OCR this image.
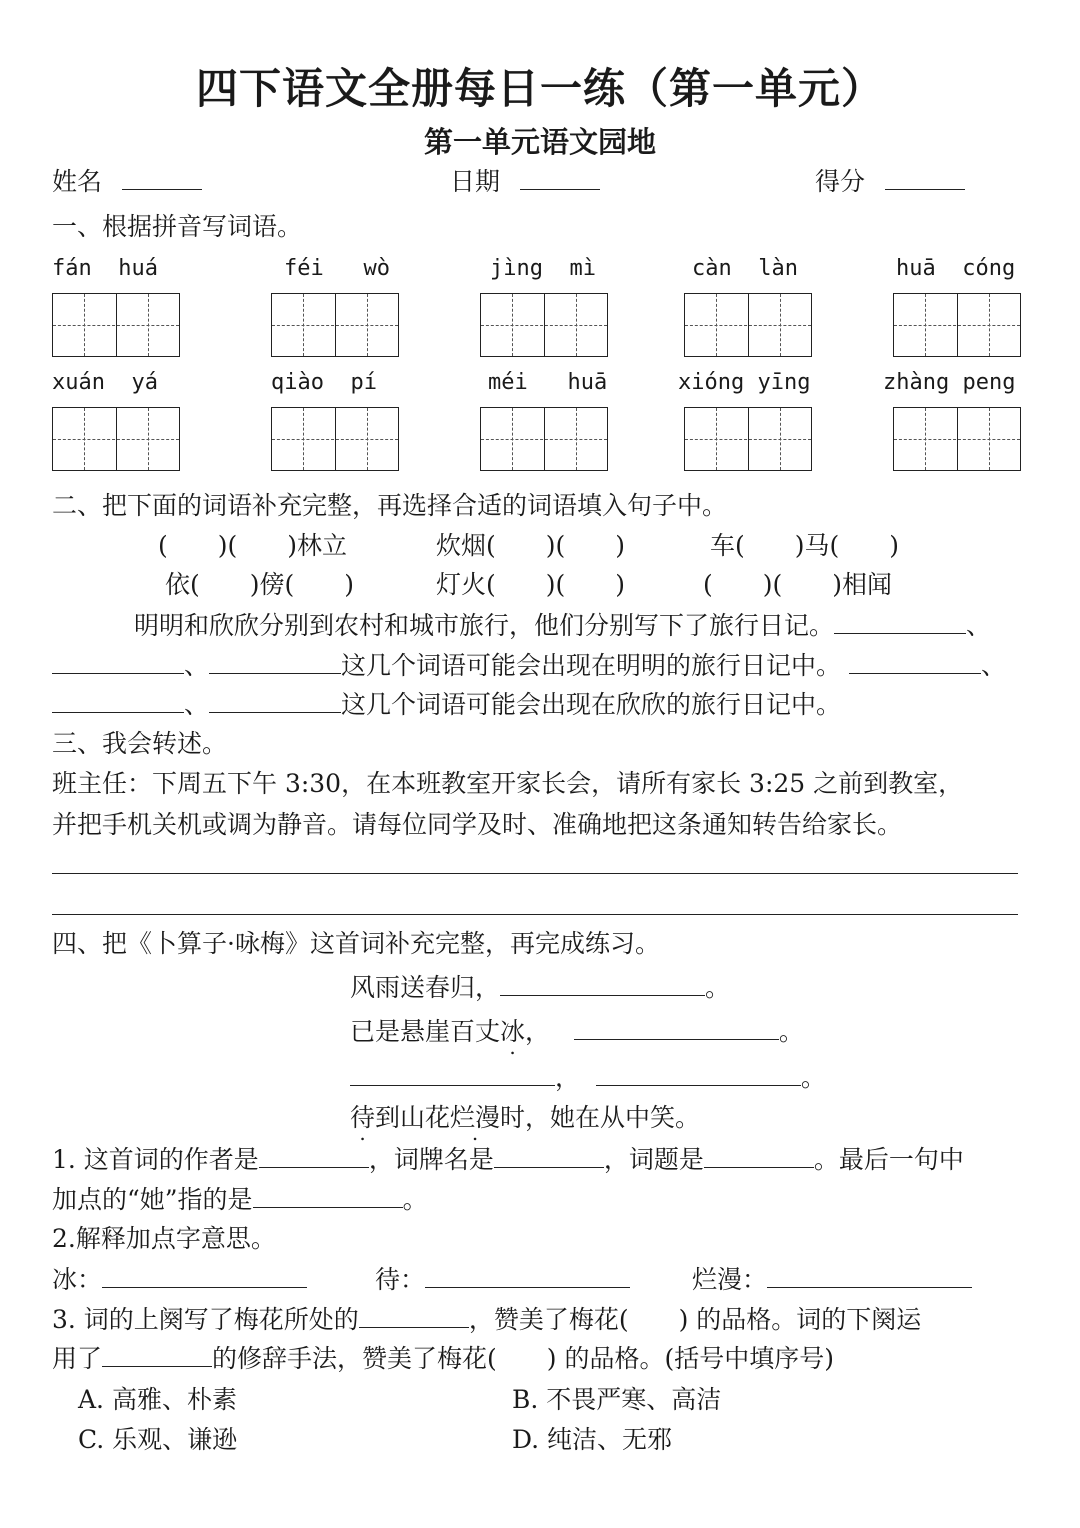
四下语文全册每日一练（第一单元）
第一单元语文园地
姓名	日期	得分
一、根据拼音写词语。
fán huá	féi wò	jìng mì	càn làn	huā cóng
xuán yá	qiào pí	méi huā	xióng yīng	zhàng peng
二、把下面的词语补充完整，再选择合适的词语填入句子中。
(　　)(　　)林立	炊烟(　　)(　　)	车(　　)马(　　)
依(　　)傍(　　)	灯火(　　)(　　)	(　　)(　　)相闻
明明和欣欣分别到农村和城市旅行，他们分别写下了旅行日记。	、
、	这几个词语可能会出现在明明的旅行日记中。	、
、	这几个词语可能会出现在欣欣的旅行日记中。
三、我会转述。
班主任：下周五下午 3:30，在本班教室开家长会，请所有家长 3:25 之前到教室，
并把手机关机或调为静音。请每位同学及时、准确地把这条通知转告给家长。
四、把《卜算子·咏梅》这首词补充完整，再完成练习。
风雨送春归，	。
已是悬崖百丈冰，	。
，	。
待到山花烂漫时，她在从中笑。
1. 这首词的作者是	，词牌名是	，词题是	。最后一句中
加点的“她”指的是	。
2.解释加点字意思。
冰：	待：	烂漫：
3. 词的上阕写了梅花所处的	，赞美了梅花(　　) 的品格。词的下阕运
用了	的修辞手法，赞美了梅花(　　) 的品格。(括号中填序号)
A. 高雅、朴素	B. 不畏严寒、高洁
C. 乐观、谦逊	D. 纯洁、无邪
